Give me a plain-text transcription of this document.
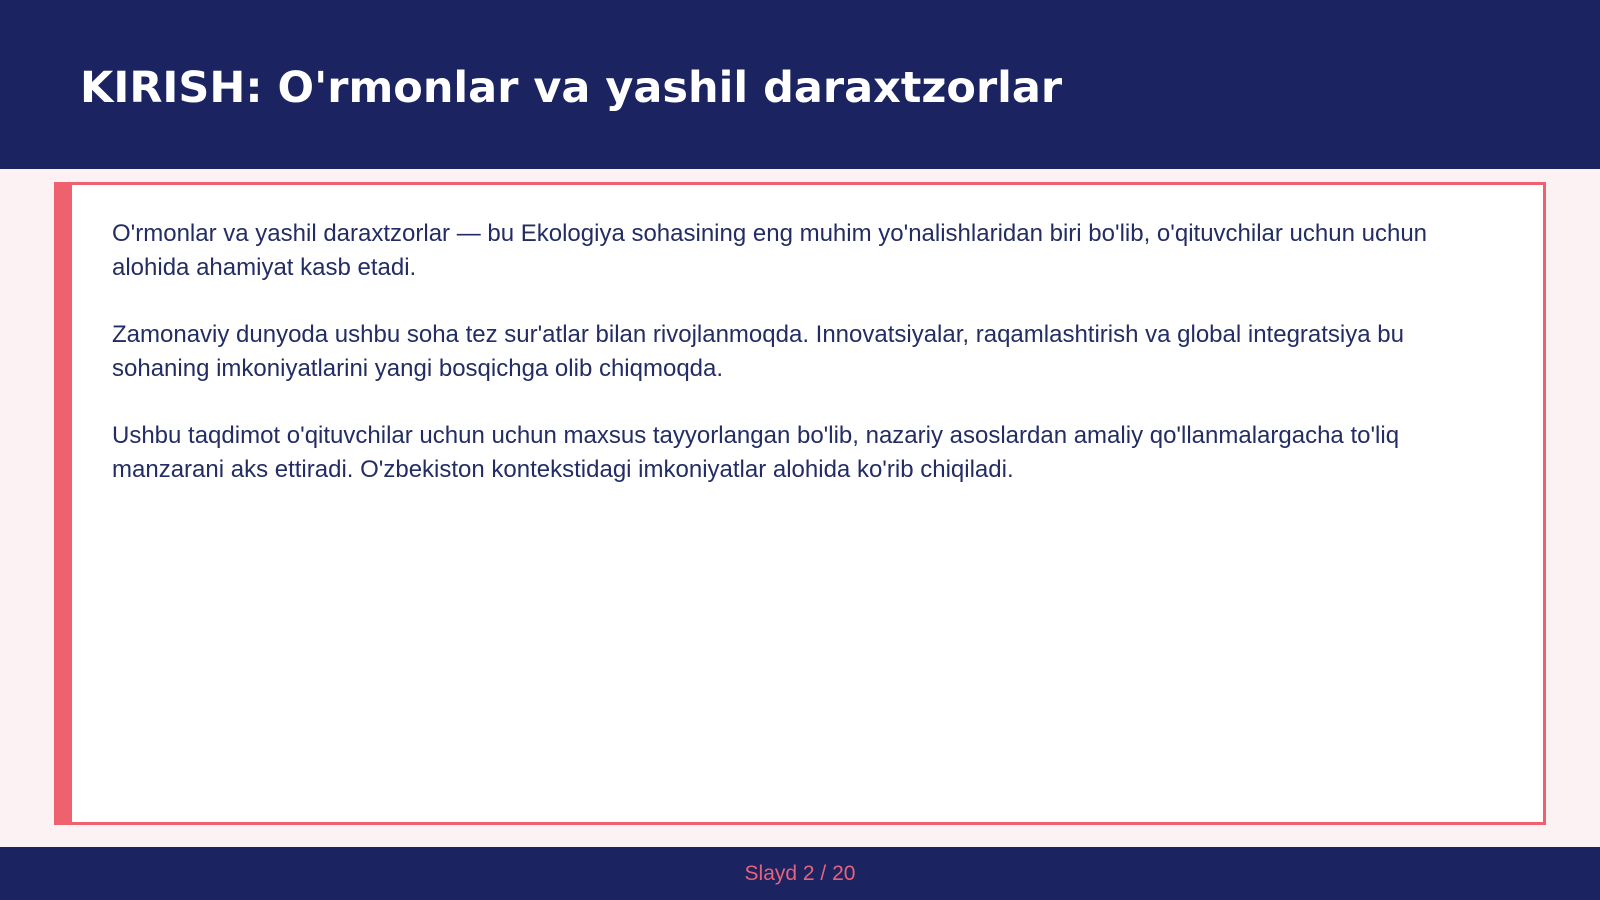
KIRISH: O'rmonlar va yashil daraxtzorlar

O'rmonlar va yashil daraxtzorlar — bu Ekologiya sohasining eng muhim yo'nalishlaridan biri bo'lib, o'qituvchilar uchun uchun alohida ahamiyat kasb etadi.

Zamonaviy dunyoda ushbu soha tez sur'atlar bilan rivojlanmoqda. Innovatsiyalar, raqamlashtirish va global integratsiya bu sohaning imkoniyatlarini yangi bosqichga olib chiqmoqda.

Ushbu taqdimot o'qituvchilar uchun uchun maxsus tayyorlangan bo'lib, nazariy asoslardan amaliy qo'llanmalargacha to'liq manzarani aks ettiradi. O'zbekiston kontekstidagi imkoniyatlar alohida ko'rib chiqiladi.

Slayd 2 / 20
